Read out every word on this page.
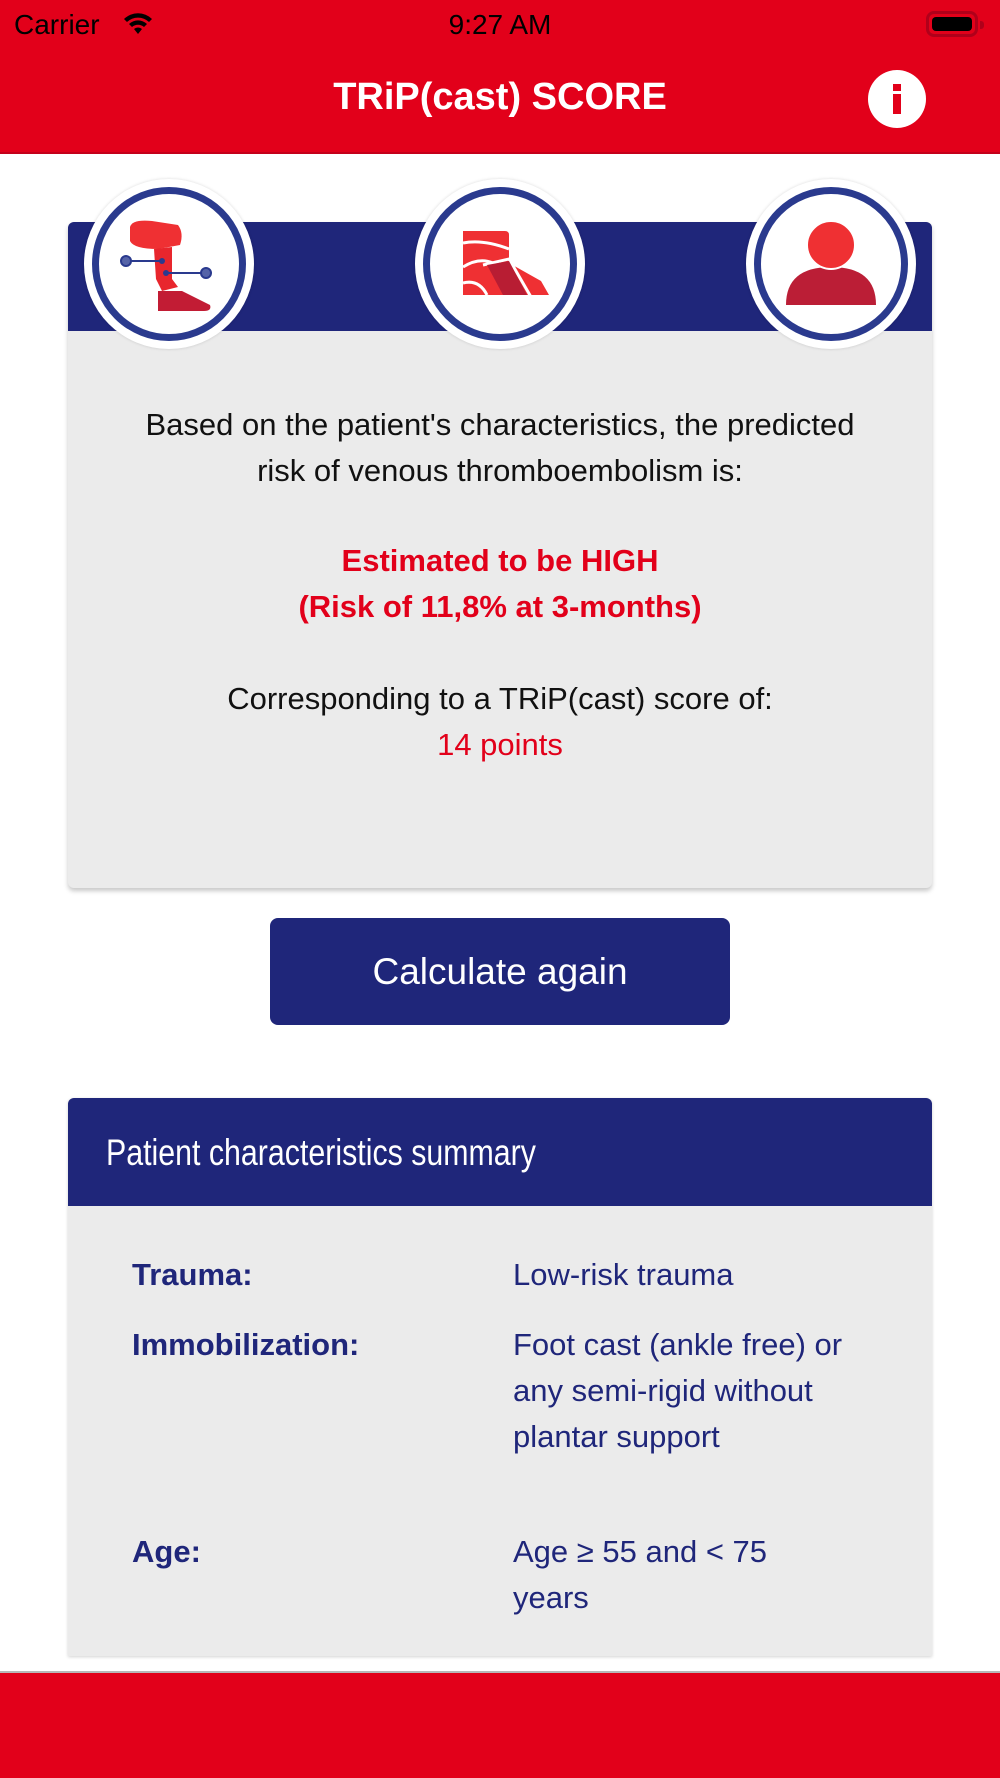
Carrier	9:27 AM
TRiP(cast) SCORE
Based on the patient's characteristics, the predicted risk of venous thromboembolism is:
Estimated to be HIGH
(Risk of 11,8% at 3-months)
Corresponding to a TRiP(cast) score of:
14 points
Calculate again
Patient characteristics summary
Trauma:	Low-risk trauma
Immobilization:	Foot cast (ankle free) or any semi-rigid without plantar support
Age:	Age ≥ 55 and < 75 years
